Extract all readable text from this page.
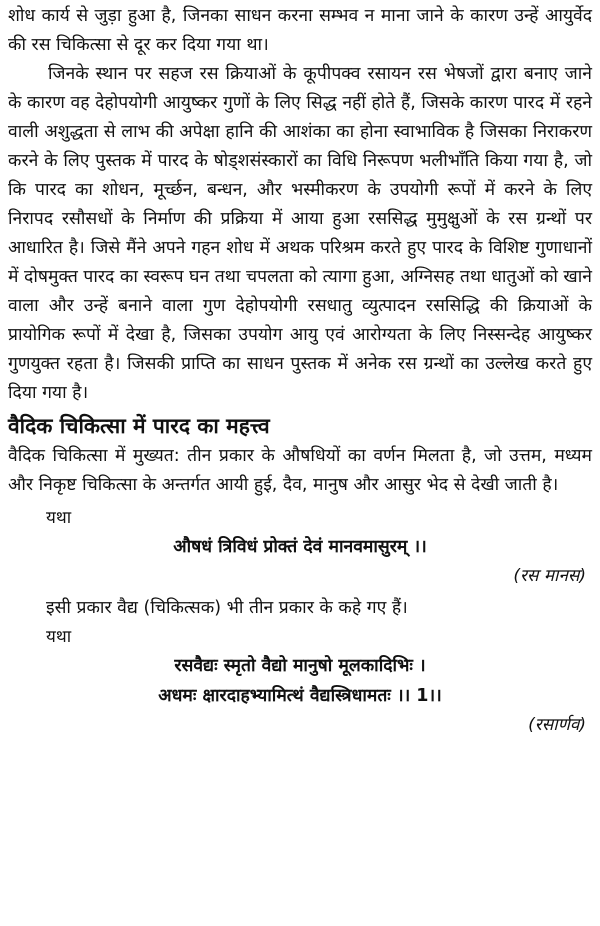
शोध कार्य से जुड़ा हुआ है, जिनका साधन करना सम्भव न माना जाने के कारण उन्हें आयुर्वेद की रस चिकित्सा से दूर कर दिया गया था।

जिनके स्थान पर सहज रस क्रियाओं के कूपीपक्व रसायन रस भेषजों द्वारा बनाए जाने के कारण वह देहोपयोगी आयुष्कर गुणों के लिए सिद्ध नहीं होते हैं, जिसके कारण पारद में रहने वाली अशुद्धता से लाभ की अपेक्षा हानि की आशंका का होना स्वाभाविक है जिसका निराकरण करने के लिए पुस्तक में पारद के षोड्शसंस्कारों का विधि निरूपण भलीभाँति किया गया है, जो कि पारद का शोधन, मूर्च्छन, बन्धन, और भस्मीकरण के उपयोगी रूपों में करने के लिए निरापद रसौसधों के निर्माण की प्रक्रिया में आया हुआ रससिद्ध मुमुक्षुओं के रस ग्रन्थों पर आधारित है। जिसे मैंने अपने गहन शोध में अथक परिश्रम करते हुए पारद के विशिष्ट गुणाधानों में दोषमुक्त पारद का स्वरूप घन तथा चपलता को त्यागा हुआ, अग्निसह तथा धातुओं को खाने वाला और उन्हें बनाने वाला गुण देहोपयोगी रसधातु व्युत्पादन रससिद्धि की क्रियाओं के प्रायोगिक रूपों में देखा है, जिसका उपयोग आयु एवं आरोग्यता के लिए निस्सन्देह आयुष्कर गुणयुक्त रहता है। जिसकी प्राप्ति का साधन पुस्तक में अनेक रस ग्रन्थों का उल्लेख करते हुए दिया गया है।

वैदिक चिकित्सा में पारद का महत्त्व

वैदिक चिकित्सा में मुख्यत: तीन प्रकार के औषधियों का वर्णन मिलता है, जो उत्तम, मध्यम और निकृष्ट चिकित्सा के अन्तर्गत आयी हुई, दैव, मानुष और आसुर भेद से देखी जाती है।

यथा

औषधं त्रिविधं प्रोक्तं देवं मानवमासुरम् ।।

(रस मानस)

इसी प्रकार वैद्य (चिकित्सक) भी तीन प्रकार के कहे गए हैं।

यथा

रसवैद्यः स्मृतो वैद्यो मानुषो मूलकादिभिः ।

अधमः क्षारदाहभ्यामित्थं वैद्यस्त्रिधामतः ।। 1।।

(रसार्णव)
